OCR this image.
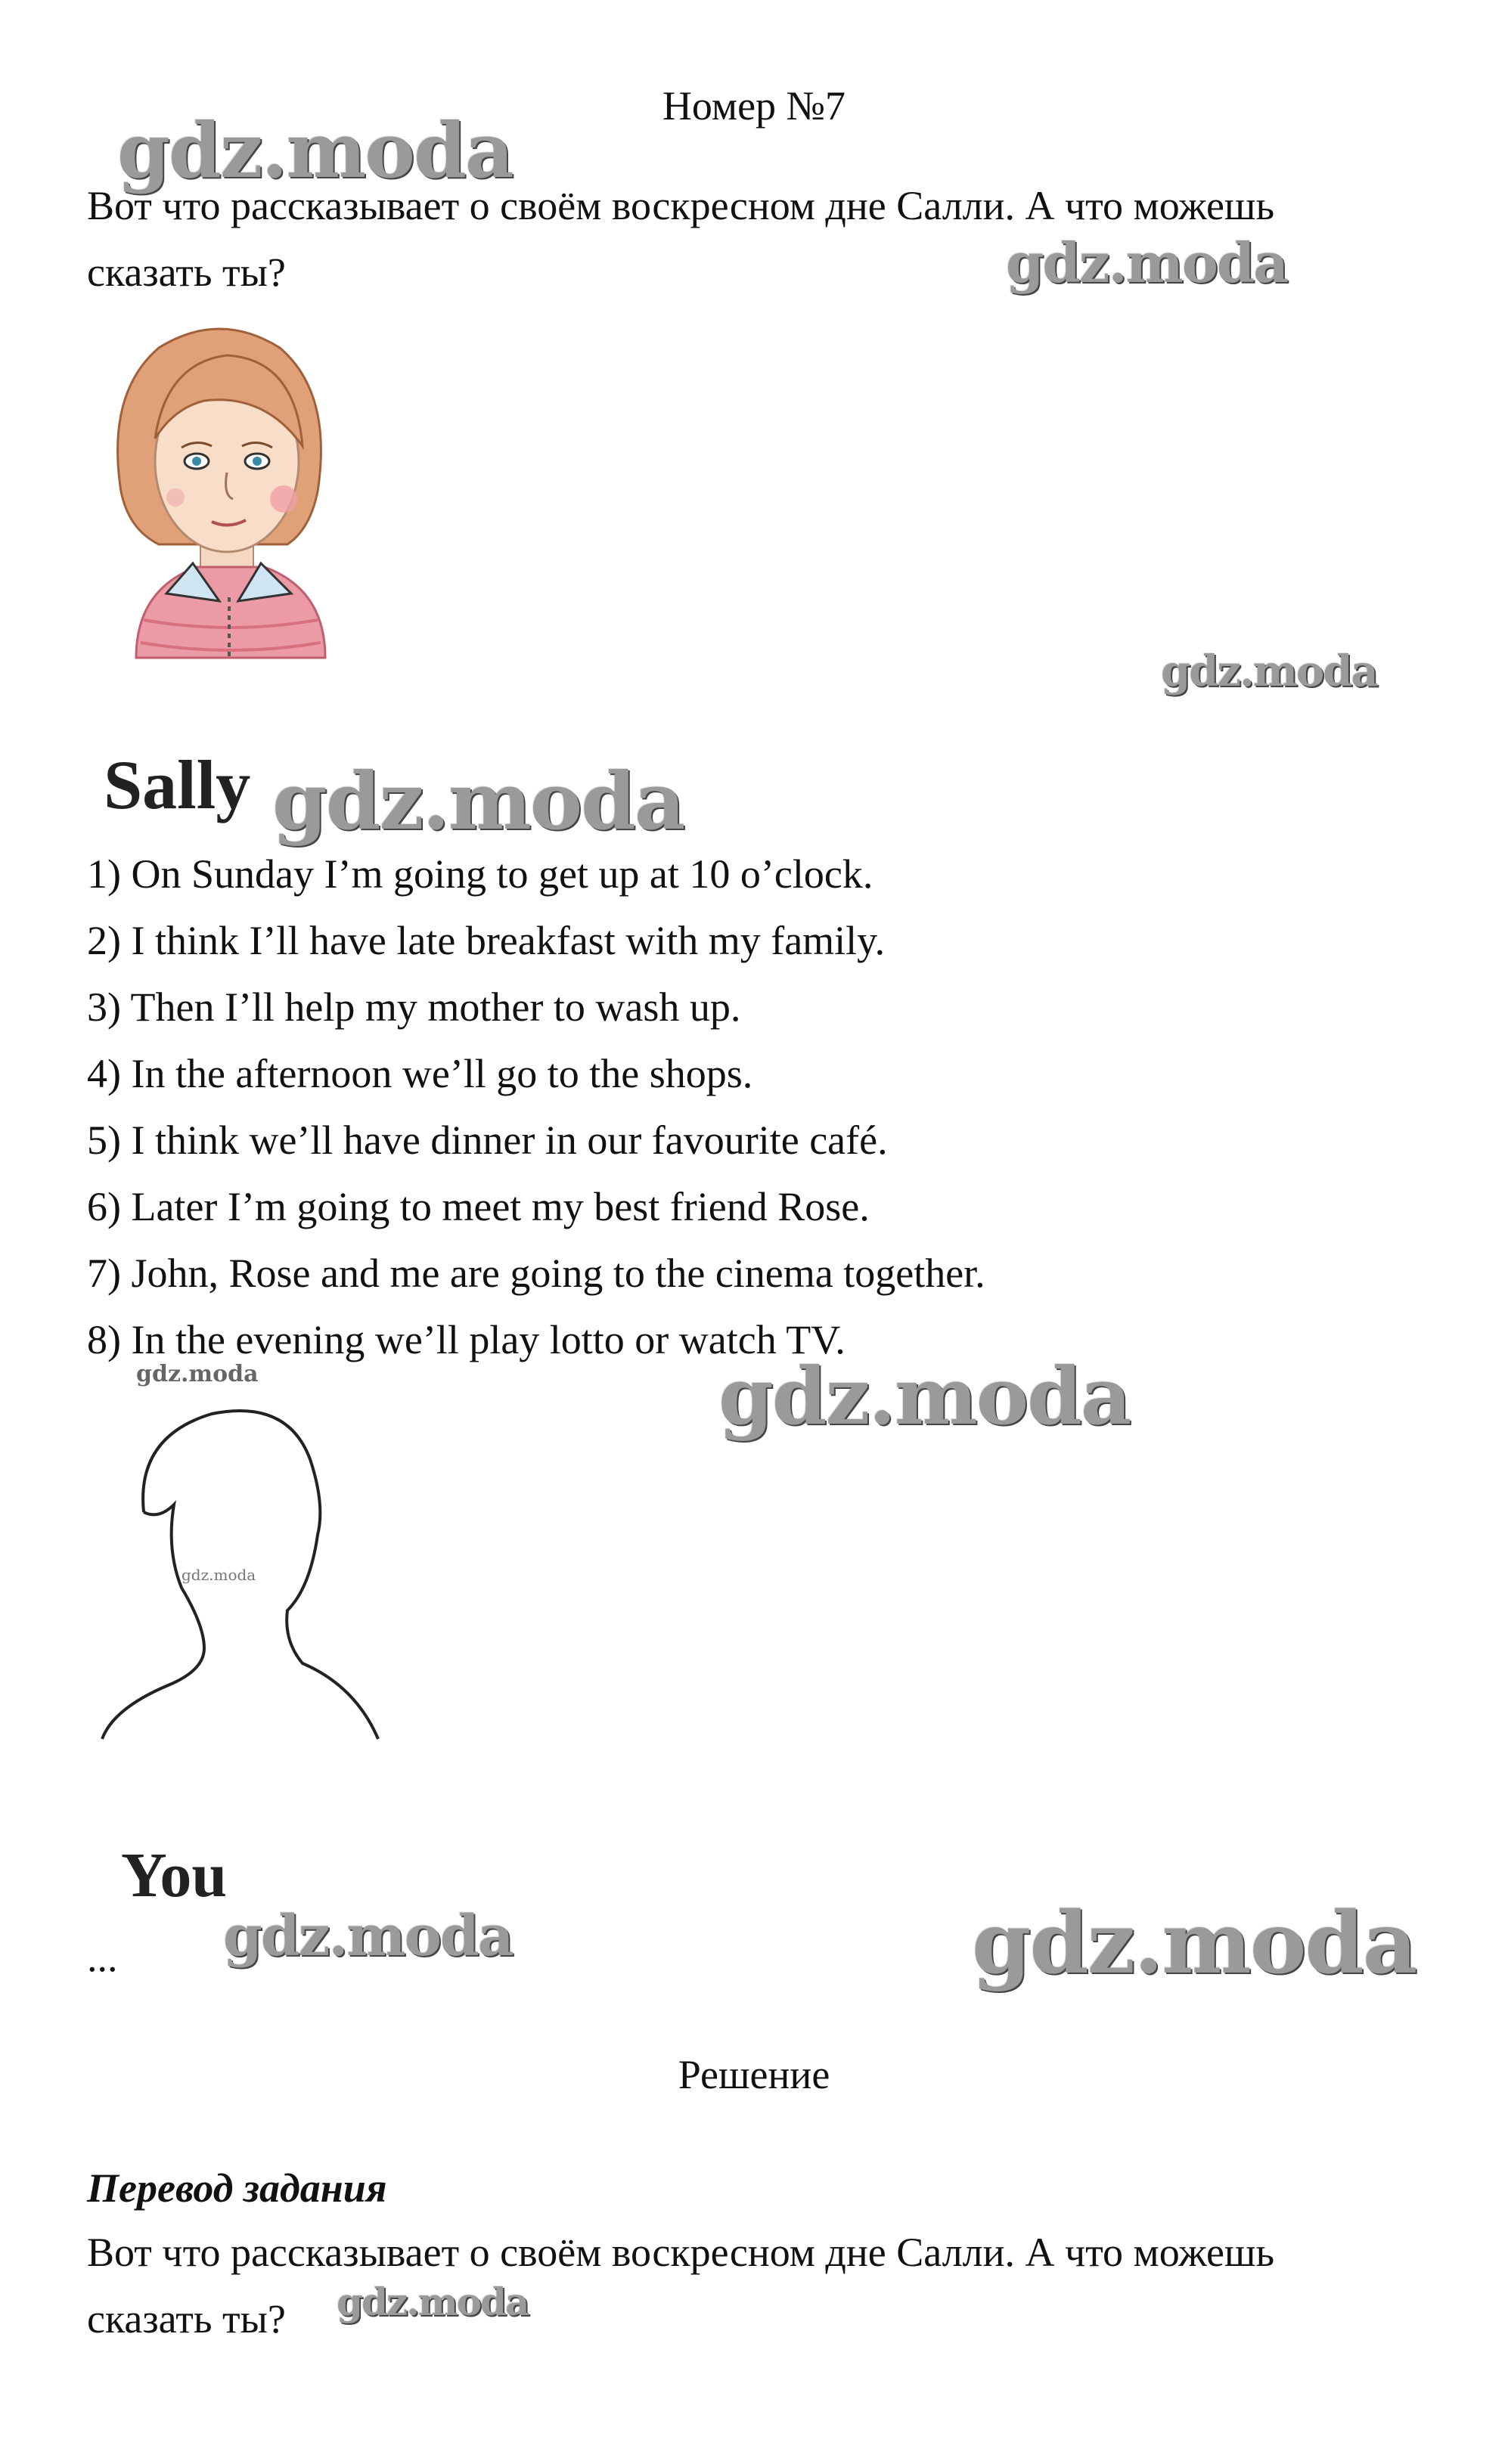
Номер №7
Вот что рассказывает о своём воскресном дне Салли. А что можешь
сказать ты?
gdz.moda
Sally
You
1) On Sunday I’m going to get up at 10 o’clock.
2) I think I’ll have late breakfast with my family.
3) Then I’ll help my mother to wash up.
4) In the afternoon we’ll go to the shops.
5) I think we’ll have dinner in our favourite café.
6) Later I’m going to meet my best friend Rose.
7) John, Rose and me are going to the cinema together.
8) In the evening we’ll play lotto or watch TV.
...
Решение
Перевод задания
Вот что рассказывает о своём воскресном дне Салли. А что можешь
сказать ты?
gdz.moda
gdz.moda
gdz.moda
gdz.moda
gdz.moda	gdz.moda
gdz.moda	gdz.moda
gdz.moda
